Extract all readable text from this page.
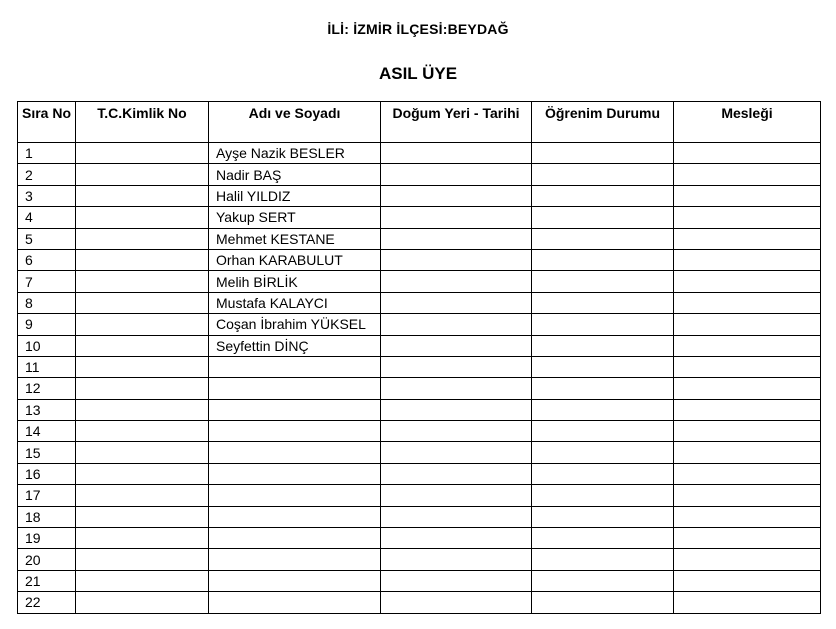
İLİ: İZMİR İLÇESİ:BEYDAĞ
ASIL ÜYE
Sıra No	T.C.Kimlik No	Adı ve Soyadı	Doğum Yeri - Tarihi	Öğrenim Durumu	Mesleği
1		Ayşe Nazik BESLER			
2		Nadir BAŞ			
3		Halil YILDIZ			
4		Yakup SERT			
5		Mehmet KESTANE			
6		Orhan KARABULUT			
7		Melih BİRLİK			
8		Mustafa KALAYCI			
9		Coşan İbrahim YÜKSEL			
10		Seyfettin DİNÇ			
11					
12					
13					
14					
15					
16					
17					
18					
19					
20					
21					
22					
